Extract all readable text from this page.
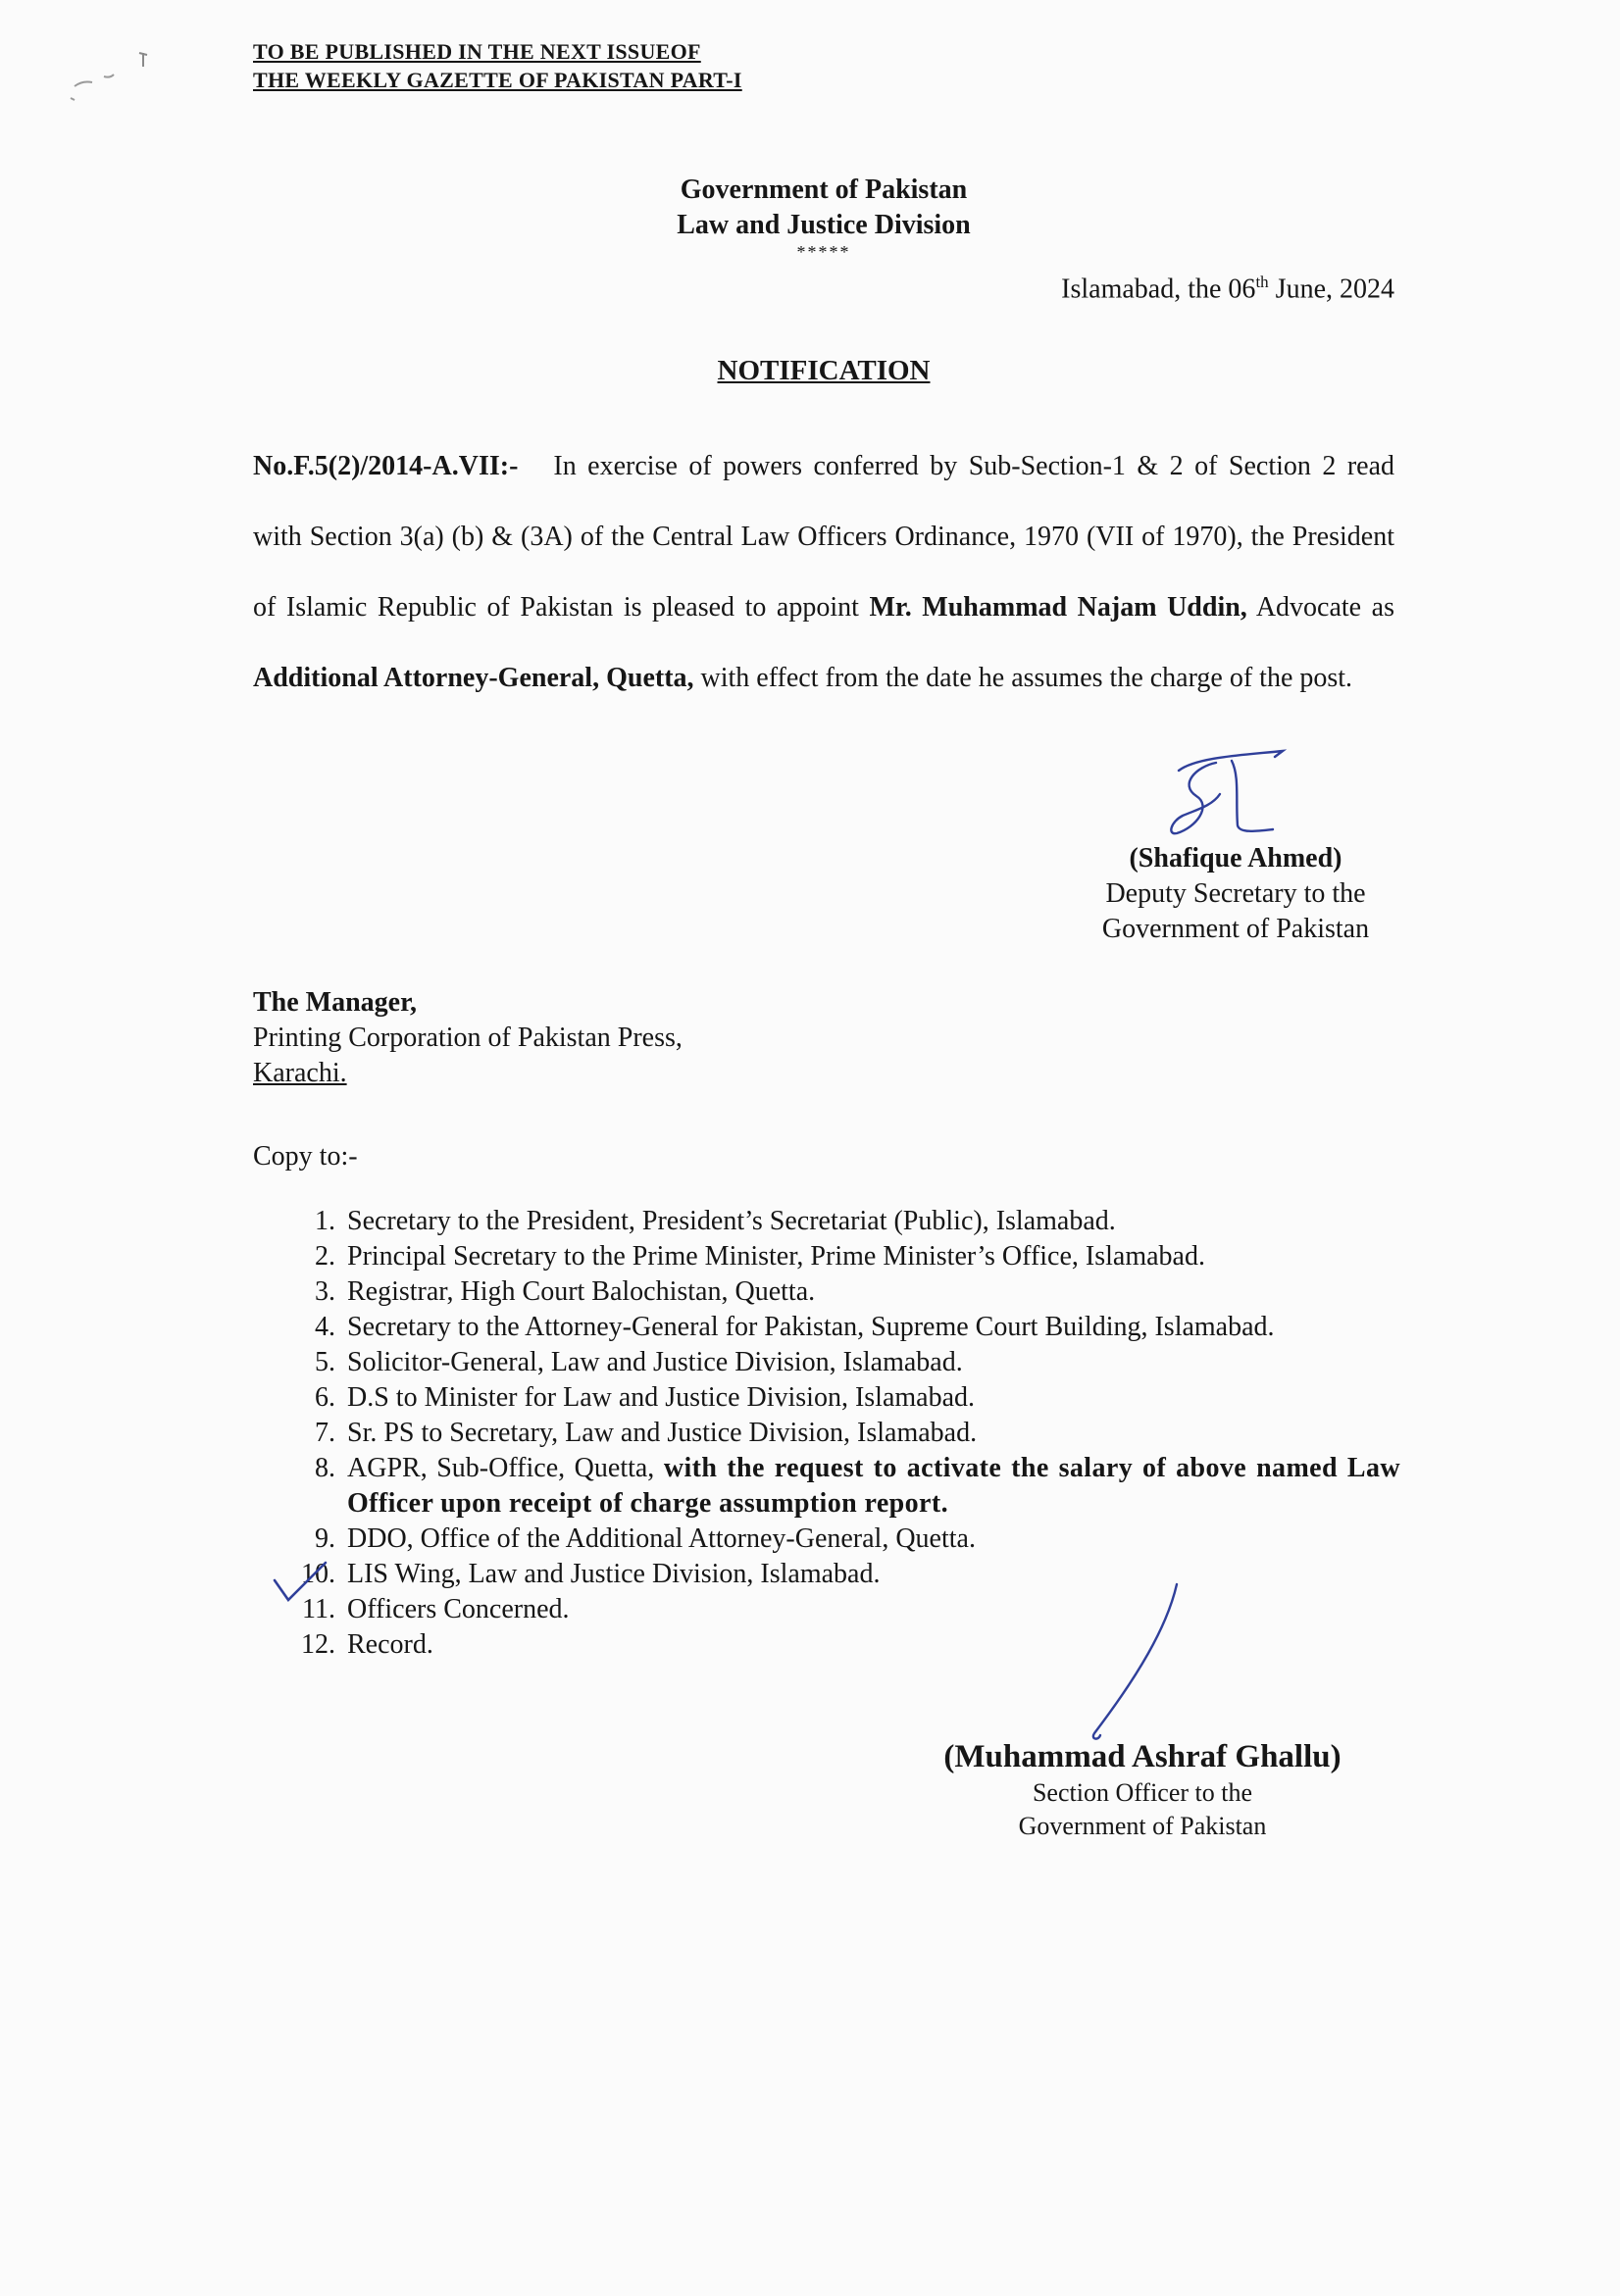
TO BE PUBLISHED IN THE NEXT ISSUEOF
THE WEEKLY GAZETTE OF PAKISTAN PART-I
Government of Pakistan
Law and Justice Division
*****
Islamabad, the 06th June, 2024
NOTIFICATION
No.F.5(2)/2014-A.VII:- In exercise of powers conferred by Sub-Section-1 & 2 of Section 2 read with Section 3(a) (b) & (3A) of the Central Law Officers Ordinance, 1970 (VII of 1970), the President of Islamic Republic of Pakistan is pleased to appoint Mr. Muhammad Najam Uddin, Advocate as Additional Attorney-General, Quetta, with effect from the date he assumes the charge of the post.
(Shafique Ahmed)
Deputy Secretary to the
Government of Pakistan
The Manager,
Printing Corporation of Pakistan Press,
Karachi.
Copy to:-
1. Secretary to the President, President’s Secretariat (Public), Islamabad.
2. Principal Secretary to the Prime Minister, Prime Minister’s Office, Islamabad.
3. Registrar, High Court Balochistan, Quetta.
4. Secretary to the Attorney-General for Pakistan, Supreme Court Building, Islamabad.
5. Solicitor-General, Law and Justice Division, Islamabad.
6. D.S to Minister for Law and Justice Division, Islamabad.
7. Sr. PS to Secretary, Law and Justice Division, Islamabad.
8. AGPR, Sub-Office, Quetta, with the request to activate the salary of above named Law Officer upon receipt of charge assumption report.
9. DDO, Office of the Additional Attorney-General, Quetta.
10. LIS Wing, Law and Justice Division, Islamabad.
11. Officers Concerned.
12. Record.
(Muhammad Ashraf Ghallu)
Section Officer to the
Government of Pakistan
